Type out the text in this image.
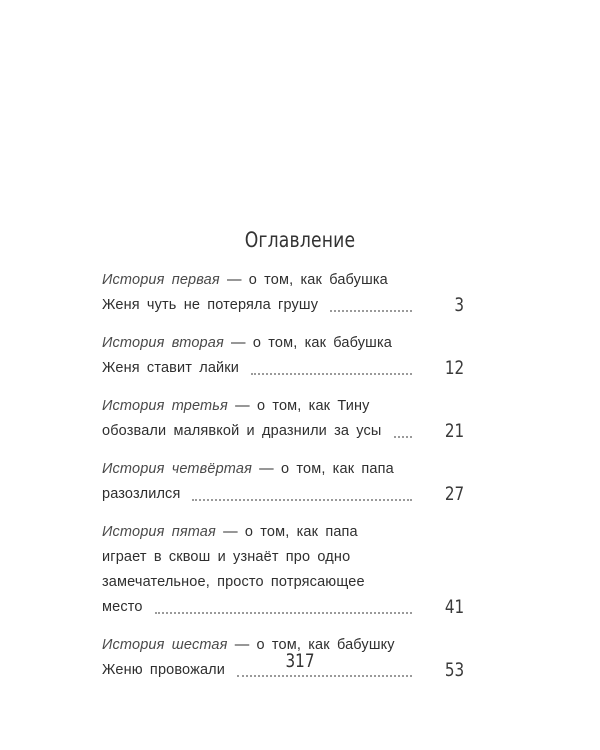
Оглавление
История первая — о том, как бабушка
Женя чуть не потеряла грушу	3
История вторая — о том, как бабушка
Женя ставит лайки	12
История третья — о том, как Тину
обозвали малявкой и дразнили за усы	21
История четвёртая — о том, как папа
разозлился	27
История пятая — о том, как папа
играет в сквош и узнаёт про одно
замечательное, просто потрясающее
место	41
История шестая — о том, как бабушку
Женю провожали	53
317
